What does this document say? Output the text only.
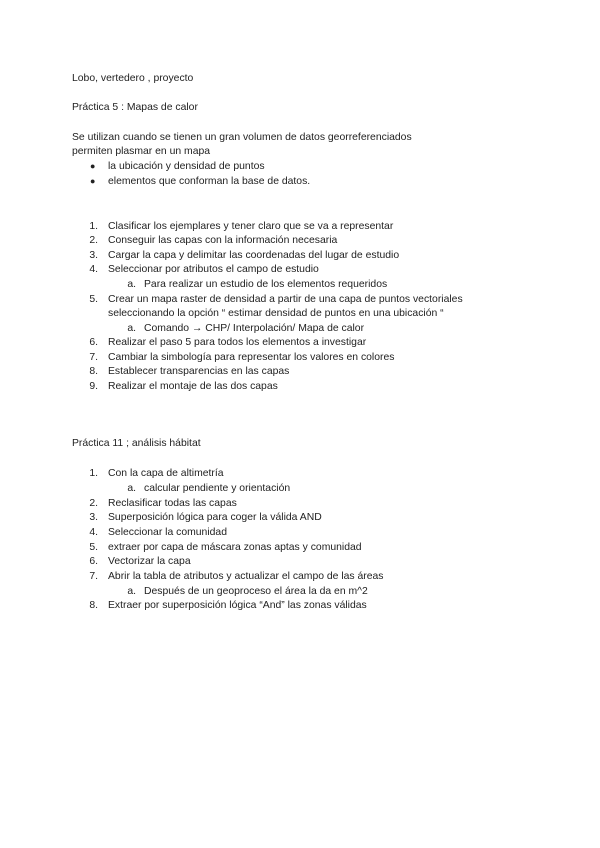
Lobo, vertedero , proyecto
Práctica 5 : Mapas de calor
Se utilizan cuando se tienen un gran volumen de datos georreferenciados
permiten plasmar en un mapa
● la ubicación y densidad de puntos
● elementos que conforman la base de datos.
1. Clasificar los ejemplares y tener claro que se va a representar
2. Conseguir las capas con la información necesaria
3. Cargar la capa y delimitar las coordenadas del lugar de estudio
4. Seleccionar por atributos el campo de estudio
a. Para realizar un estudio de los elementos requeridos
5. Crear un mapa raster de densidad a partir de una capa de puntos vectoriales
seleccionando la opción “ estimar densidad de puntos en una ubicación “
a. Comando → CHP/ Interpolación/ Mapa de calor
6. Realizar el paso 5 para todos los elementos a investigar
7. Cambiar la simbología para representar los valores en colores
8. Establecer transparencias en las capas
9. Realizar el montaje de las dos capas
Práctica 11 ; análisis hábitat
1. Con la capa de altimetría
a. calcular pendiente y orientación
2. Reclasificar todas las capas
3. Superposición lógica para coger la válida AND
4. Seleccionar la comunidad
5. extraer por capa de máscara zonas aptas y comunidad
6. Vectorizar la capa
7. Abrir la tabla de atributos y actualizar el campo de las áreas
a. Después de un geoproceso el área la da en m^2
8. Extraer por superposición lógica “And” las zonas válidas
